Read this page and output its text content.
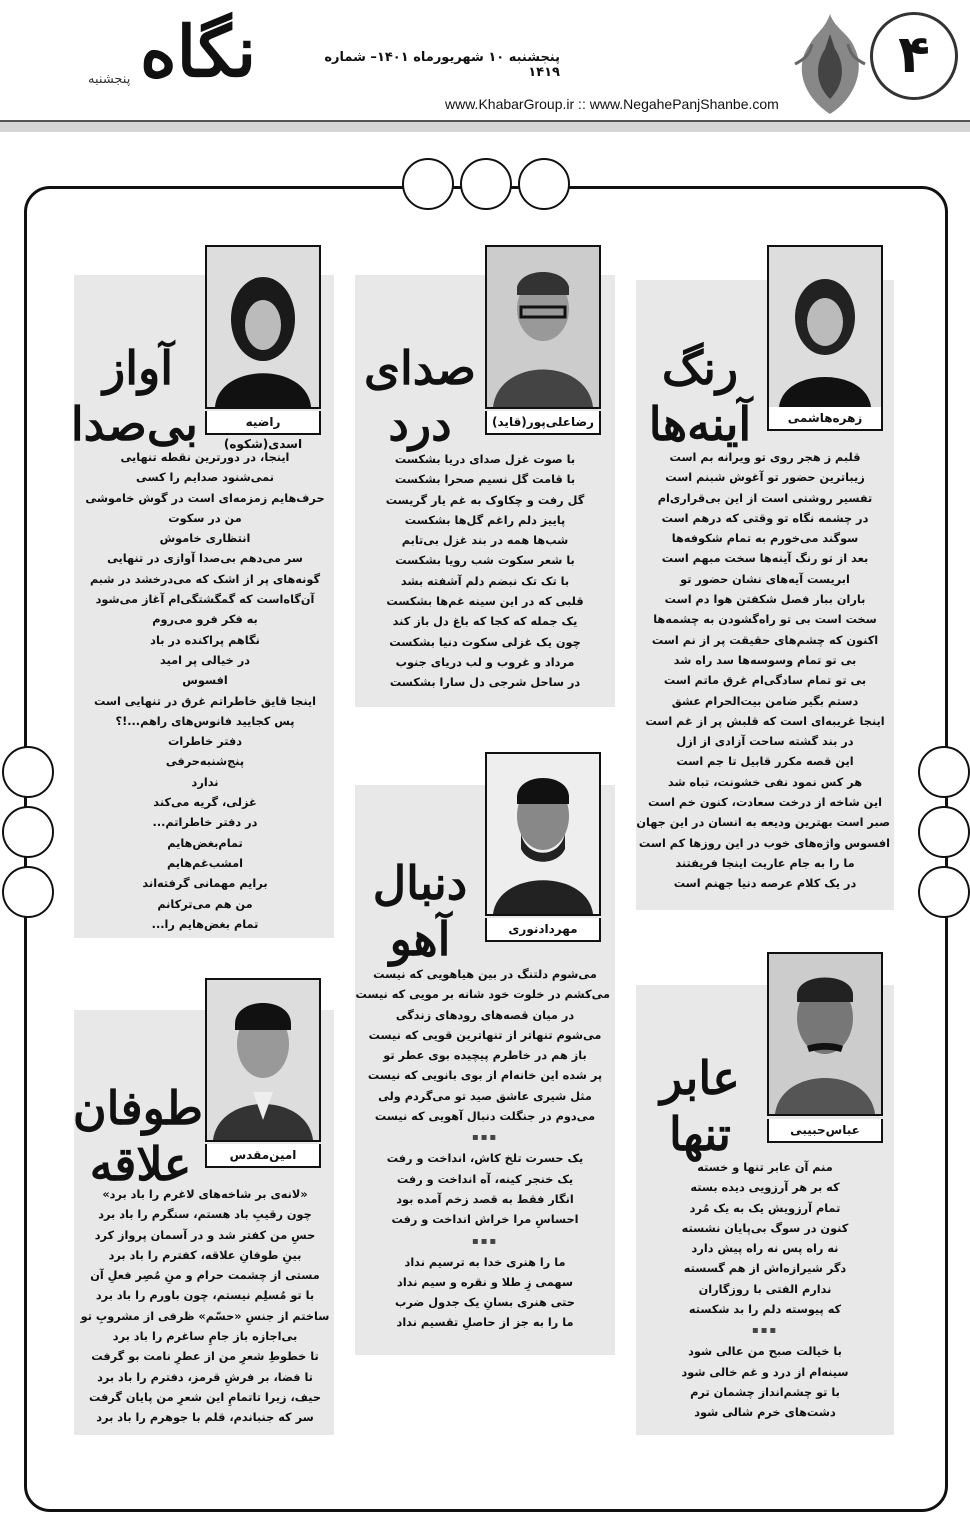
۴
پنجشنبه ۱۰ شهریورماه ۱۴۰۱– شماره ۱۴۱۹
www.KhabarGroup.ir :: www.NegahePanjShanbe.com
نگاه
پنجشنبه
زهره‌هاشمی
رنگ
آینه‌ها
قلبم ز هجر روی تو ویرانه بم است
زیباترین حضور تو آغوش شبنم است
تفسیر روشنی است از این بی‌قراری‌ام
در چشمه نگاه تو وقتی که درهم است
سوگند می‌خورم به تمام شکوفه‌ها
بعد از تو رنگ آینه‌ها سخت مبهم است
ابریست آیه‌های نشان حضور تو
باران ببار فصل شکفتن هوا دم است
سخت است بی تو راه‌گشودن به چشمه‌ها
اکنون که چشم‌های حقیقت پر از نم است
بی تو تمام وسوسه‌ها سد راه شد
بی تو تمام سادگی‌ام غرق ماتم است
دستم بگیر ضامن بیت‌الحرام عشق
اینجا غریبه‌ای است که قلبش پر از غم است
در بند گشته ساحت آزادی از ازل
این قصه مکرر قابیل تا جم است
هر کس نمود نفی خشونت، تباه شد
این شاخه از درخت سعادت، کنون خم است
صبر است بهترین ودیعه به انسان در این جهان
افسوس واژه‌های خوب در این روزها کم است
ما را به جام عاریت اینجا فریفتند
در یک کلام عرصه دنیا جهنم است
رضاعلی‌پور(قاید)
صدای
درد
با صوت غزل صدای دریا بشکست
با قامت گل نسیم صحرا بشکست
گل رفت و چکاوک به غم یار گریست
پاییز دلم راغم گل‌ها بشکست
شب‌ها همه در بند غزل بی‌تابم
با شعر سکوت شب رویا بشکست
با تک تک نبضم دلم آشفته بشد
قلبی که در این سینه غم‌ها بشکست
یک جمله که کجا که باغ دل باز کند
چون یک غزلی سکوت دنیا بشکست
مرداد و غروب و لب دریای جنوب
در ساحل شرجی دل سارا بشکست
راضیه اسدی(شکوه)
آواز
بی‌صدا
اینجا، در دورترین نقطه تنهایی
نمی‌شنود صدایم را کسی
حرف‌هایم زمزمه‌ای است در گوش خاموشی
من در سکوت
انتظاری خاموش
سر می‌دهم بی‌صدا آوازی در تنهایی
گونه‌های پر از اشک که می‌درخشد در شبم
آن‌گاه‌است که گمگشتگی‌ام آغاز می‌شود
به فکر فرو می‌روم
نگاهم پراکنده در باد
در خیالی پر امید
افسوس
اینجا قایق خاطراتم غرق در تنهایی است
پس کجایید فانوس‌های راهم...!؟
دفتر خاطرات
پنج‌شنبه‌حرفی
ندارد
غزلی، گریه می‌کند
در دفتر خاطراتم...
تمام‌بغض‌هایم
امشب‌غم‌هایم
برایم مهمانی گرفته‌اند
من هم می‌ترکانم
تمام بغض‌هایم را...	مهرداد‌نوری
دنبال
آهو
می‌شوم دلتنگ در بین هیاهویی که نیست
می‌کشم در خلوت خود شانه بر مویی که نیست
در میان قصه‌های رودهای زندگی
می‌شوم تنهاتر از تنهاترین قویی که نیست
باز هم در خاطرم پیچیده بوی عطر تو
پر شده این خانه‌ام از بوی بانویی که نیست
مثل شیری عاشق صید تو می‌گردم ولی
می‌دوم در جنگلت دنبال آهویی که نیست
▪▪▪
یک حسرت تلخ کاش، انداخت و رفت
یک خنجر کینه، آه انداخت و رفت
انگار فقط به قصد زخم آمده بود
احساسِ مرا خراش انداخت و رفت
▪▪▪
ما را هنری خدا به ترسیم نداد
سهمی زِ طلا و نقره و سیم نداد
حتی هنری بسانِ یک جدول ضرب
ما را به جز از حاصلِ تقسیم نداد
عباس‌حبیبی
عابر
تنها
منم آن عابر تنها و خسته
که بر هر آرزویی دیده بسته
تمام آرزویش یک به یک مُرد
کنون در سوگ بی‌پایان نشسته
نه راه پس نه راه پیش دارد
دگر شیرازه‌اش از هم گسسته
ندارم الفتی با روزگاران
که پیوسته دلم را بد شکسته
▪▪▪
با خیالت صبح من عالی شود
سینه‌ام از درد و غم خالی شود
با تو چشم‌انداز چشمان ترم
دشت‌های خرم شالی شود
امین‌مقدس
طوفان
علاقه
«لانه‌ی بر شاخه‌های لاغرم را باد برد»
چون رقیبِ باد هستم، سنگرم را باد برد
حسِ من کفتر شد و در آسمان پرواز کرد
بینِ طوفانِ علاقه، کفترم را باد برد
مستی از چشمت حرام و منِ مُصِر فعلِ آن
با تو مُسلِم نیستم، چون باورم را باد برد
ساختم از جنسِ «حسّم» ظرفی از مشروبِ تو
بی‌اجازه باز جامِ ساغرم را باد برد
تا خطوطِ شعرِ من از عطرِ نامت بو گرفت
تا فضا، بر فرشِ قرمز، دفترم را باد برد
حیف، زیرا تاتمامِ این شعرِ من پایان گرفت
سر که جنباندم، قلم با جوهرم را باد برد
